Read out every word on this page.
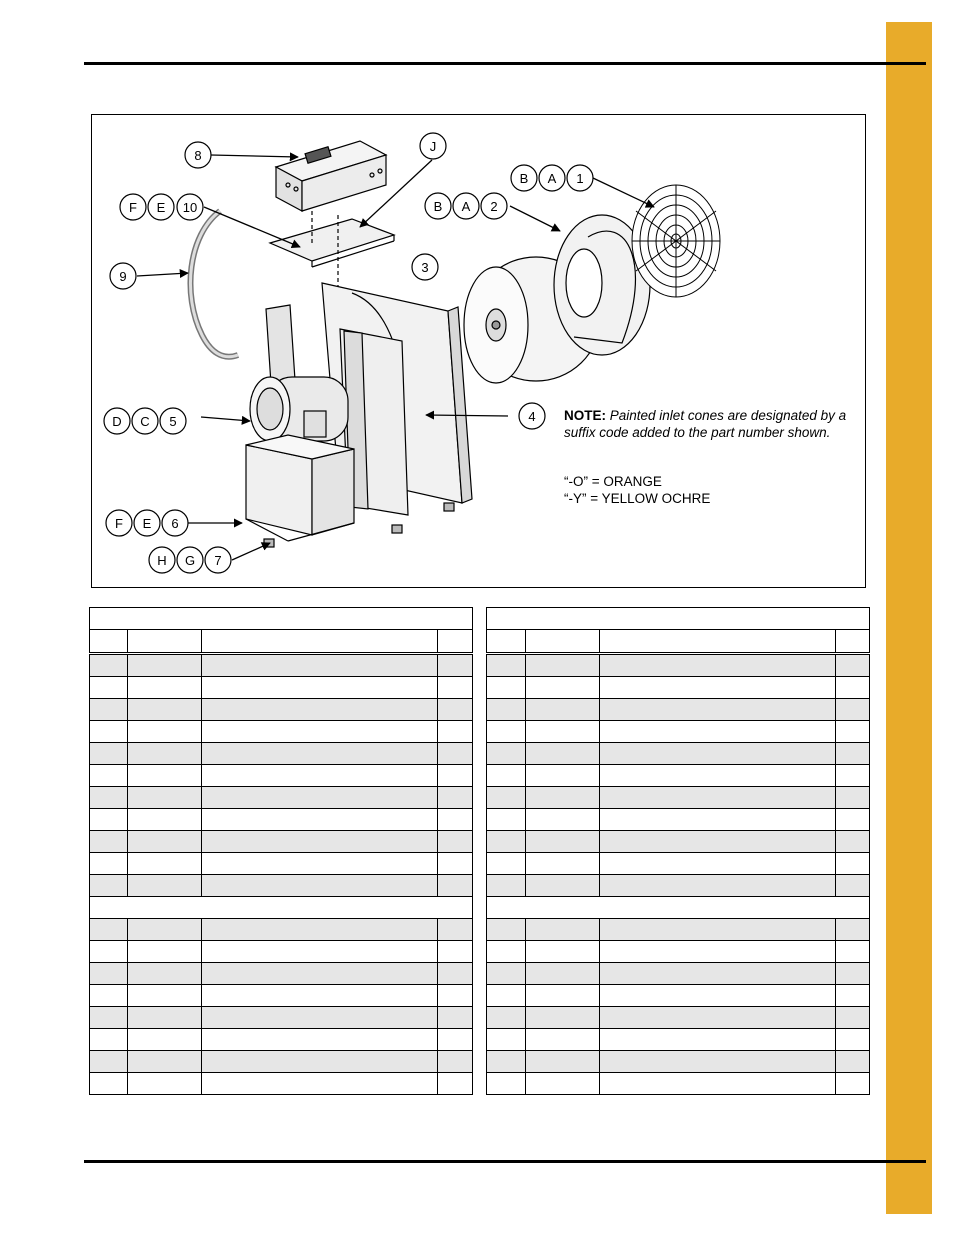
8
J
B A 1
F E 10	B A 2
9
3
D C 5	4
F E 6
H G 7
NOTE: Painted inlet cones are designated by a suffix code added to the part number shown.
“-O” = ORANGE
“-Y” = YELLOW OCHRE
